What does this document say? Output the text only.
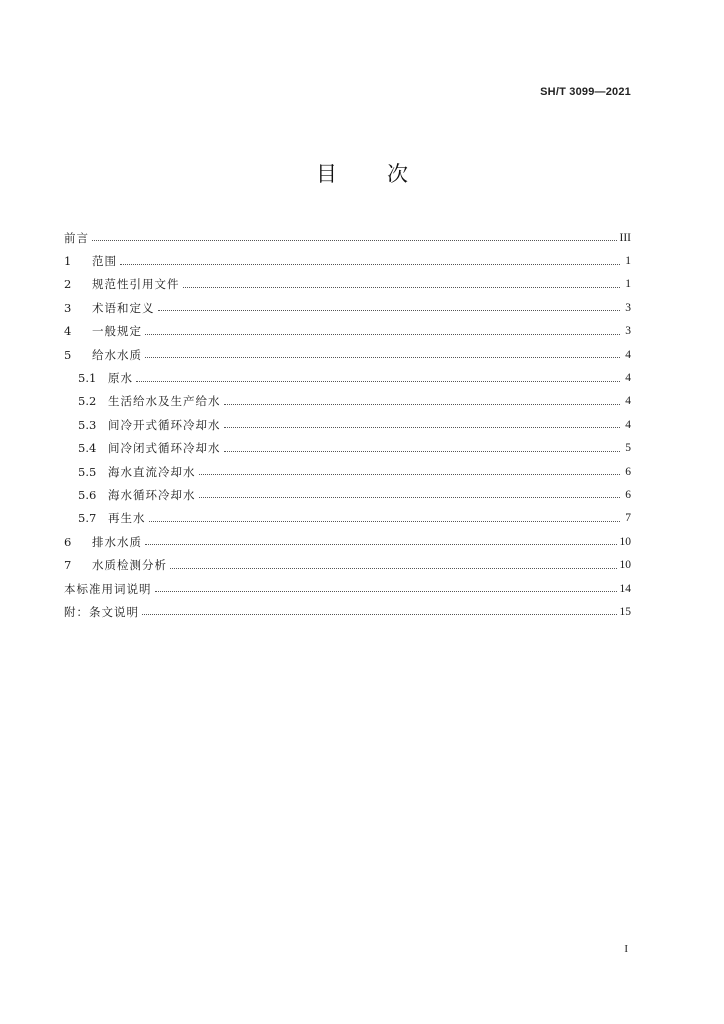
SH/T 3099—2021
目 次
前言	III
1	范围	1
2	规范性引用文件	1
3	术语和定义	3
4	一般规定	3
5	给水水质	4
5.1 原水	4
5.2 生活给水及生产给水	4
5.3 间冷开式循环冷却水	4
5.4 间冷闭式循环冷却水	5
5.5 海水直流冷却水	6
5.6 海水循环冷却水	6
5.7 再生水	7
6	排水水质	10
7	水质检测分析	10
本标准用词说明	14
附：条文说明	15
I
